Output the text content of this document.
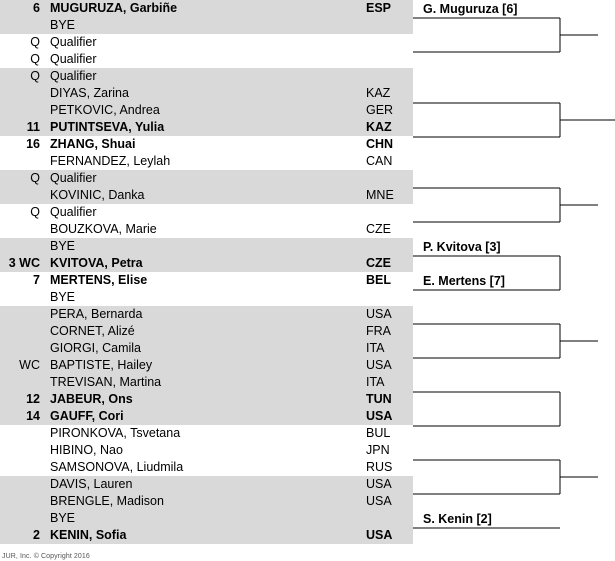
6 MUGURUZA, Garbiñe	ESP
BYE
Q Qualifier
Q Qualifier
Q Qualifier
DIYAS, Zarina	KAZ
PETKOVIC, Andrea	GER
11 PUTINTSEVA, Yulia	KAZ
16 ZHANG, Shuai	CHN
FERNANDEZ, Leylah	CAN
Q Qualifier
KOVINIC, Danka	MNE
Q Qualifier
BOUZKOVA, Marie	CZE
BYE
3 WC KVITOVA, Petra	CZE
7 MERTENS, Elise	BEL
BYE
PERA, Bernarda	USA
CORNET, Alizé	FRA
GIORGI, Camila	ITA
WC BAPTISTE, Hailey	USA
TREVISAN, Martina	ITA
12 JABEUR, Ons	TUN
14 GAUFF, Cori	USA
PIRONKOVA, Tsvetana	BUL
HIBINO, Nao	JPN
SAMSONOVA, Liudmila	RUS
DAVIS, Lauren	USA
BRENGLE, Madison	USA
BYE
2 KENIN, Sofia	USA
G. Muguruza [6]
P. Kvitova [3]
E. Mertens [7]
S. Kenin [2]
JUR, Inc. © Copyright 2016
